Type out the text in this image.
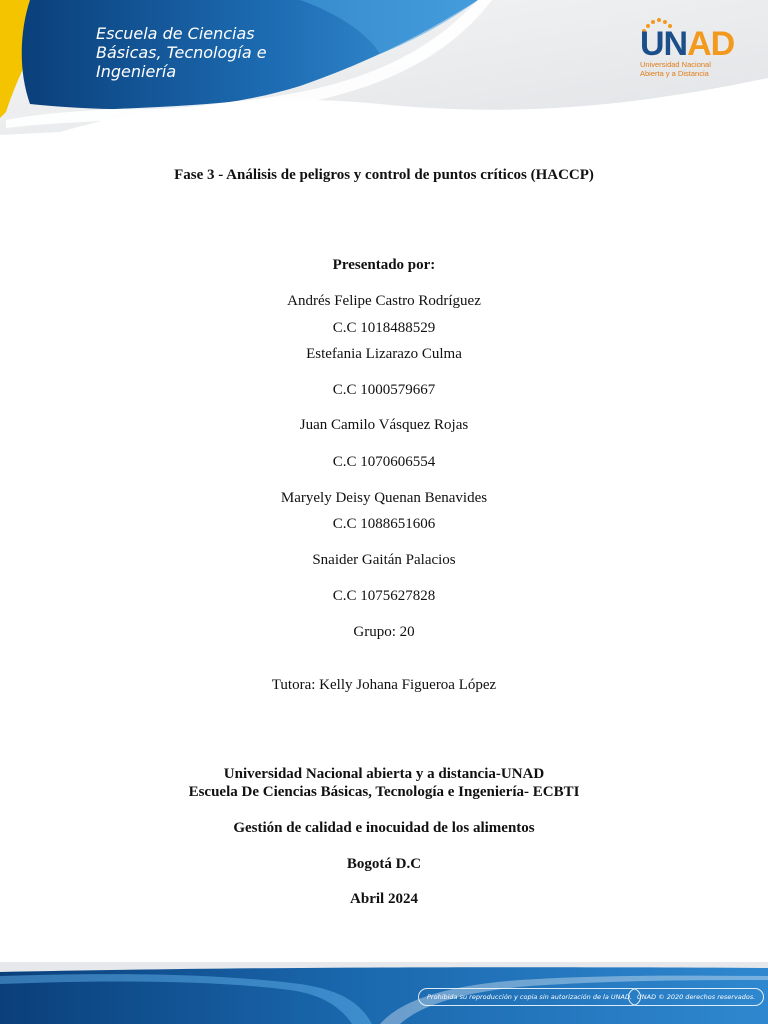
ECBTI	Escuela de Ciencias
Básicas, Tecnología e
Ingeniería
UNAD
Universidad Nacional
Abierta y a Distancia
Fase 3 - Análisis de peligros y control de puntos críticos (HACCP)
Presentado por:
Andrés Felipe Castro Rodríguez
C.C 1018488529
Estefania Lizarazo Culma
C.C 1000579667
Juan Camilo Vásquez Rojas
C.C 1070606554
Maryely Deisy Quenan Benavides
C.C 1088651606
Snaider Gaitán Palacios
C.C 1075627828
Grupo: 20
Tutora: Kelly Johana Figueroa López
Universidad Nacional abierta y a distancia-UNAD
Escuela De Ciencias Básicas, Tecnología e Ingeniería- ECBTI
Gestión de calidad e inocuidad de los alimentos
Bogotá D.C
Abril 2024
Prohibida su reproducción y copia sin autorización de la UNAD. UNAD © 2020 derechos reservados.
